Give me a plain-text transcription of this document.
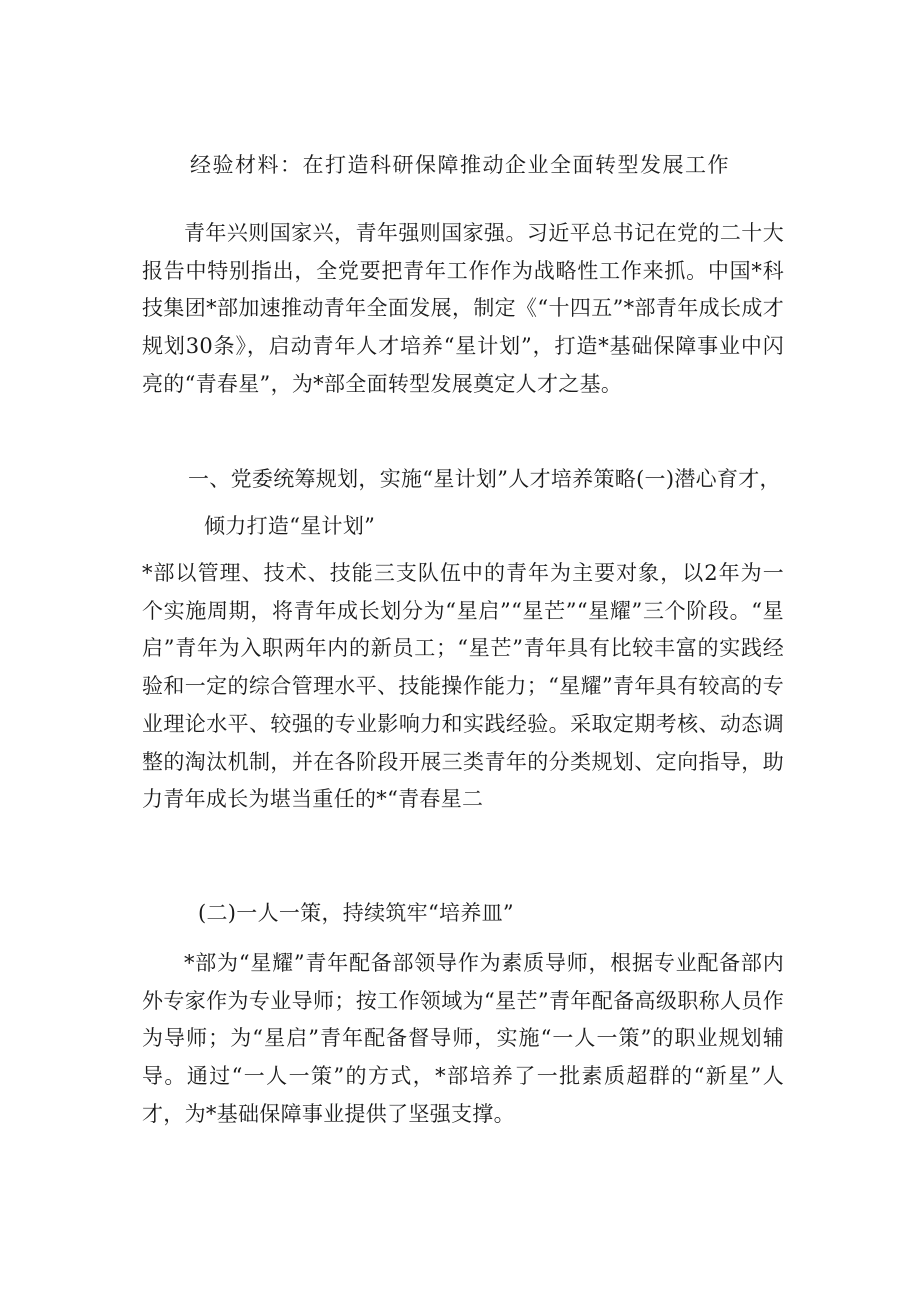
经验材料：在打造科研保障推动企业全面转型发展工作
青年兴则国家兴，青年强则国家强。习近平总书记在党的二十大报告中特别指出，全党要把青年工作作为战略性工作来抓。中国*科技集团*部加速推动青年全面发展，制定《“十四五”*部青年成长成才规划30条》，启动青年人才培养“星计划”，打造*基础保障事业中闪亮的“青春星”，为*部全面转型发展奠定人才之基。
一、党委统筹规划，实施“星计划”人才培养策略(一)潜心育才，
倾力打造“星计划”
*部以管理、技术、技能三支队伍中的青年为主要对象，以2年为一个实施周期，将青年成长划分为“星启”“星芒”“星耀”三个阶段。“星启”青年为入职两年内的新员工；“星芒”青年具有比较丰富的实践经验和一定的综合管理水平、技能操作能力；“星耀”青年具有较高的专业理论水平、较强的专业影响力和实践经验。采取定期考核、动态调整的淘汰机制，并在各阶段开展三类青年的分类规划、定向指导，助力青年成长为堪当重任的*“青春星二
(二)一人一策，持续筑牢“培养皿”
*部为“星耀”青年配备部领导作为素质导师，根据专业配备部内外专家作为专业导师；按工作领域为“星芒”青年配备高级职称人员作为导师；为“星启”青年配备督导师，实施“一人一策”的职业规划辅导。通过“一人一策”的方式，*部培养了一批素质超群的“新星”人才，为*基础保障事业提供了坚强支撑。
